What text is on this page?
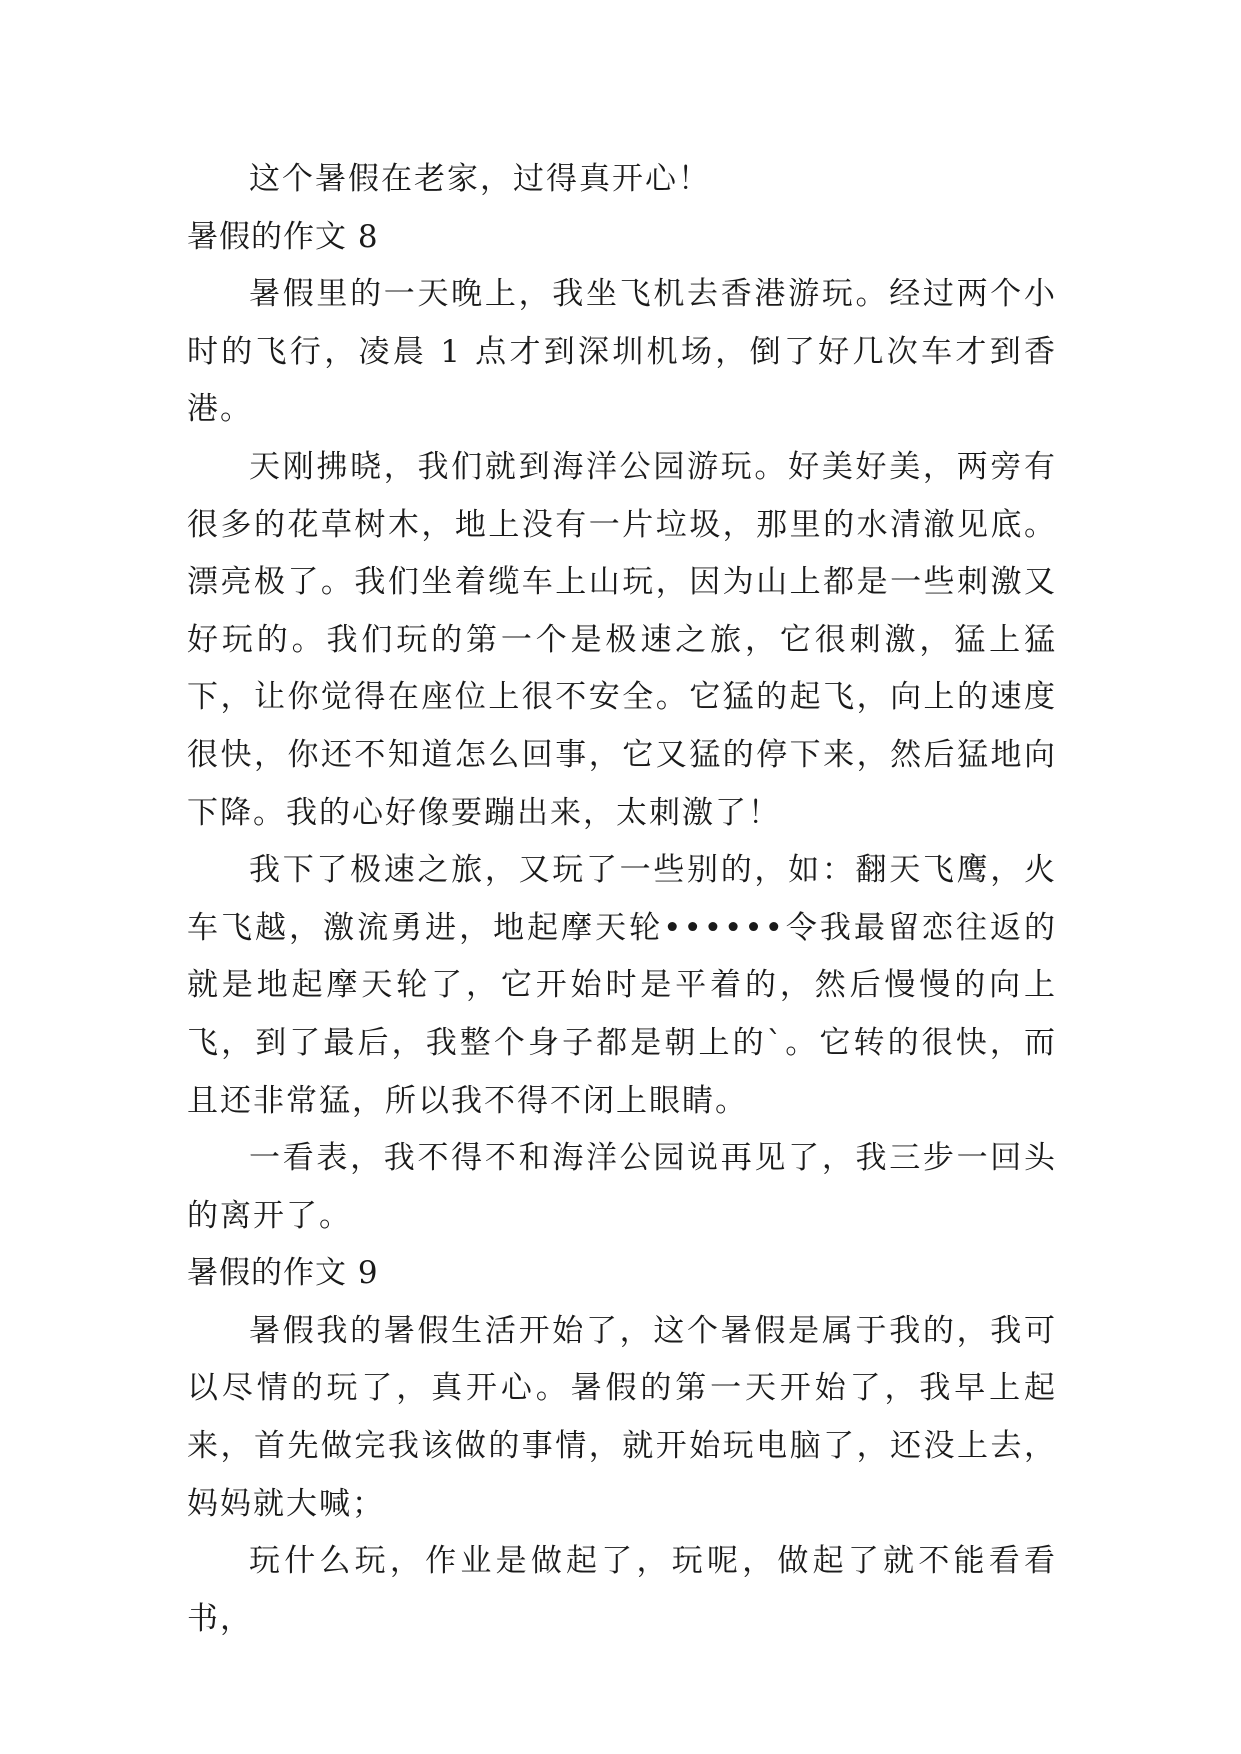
这个暑假在老家，过得真开心！

暑假的作文 8

暑假里的一天晚上，我坐飞机去香港游玩。经过两个小时的飞行，凌晨 1 点才到深圳机场，倒了好几次车才到香港。

天刚拂晓，我们就到海洋公园游玩。好美好美，两旁有很多的花草树木，地上没有一片垃圾，那里的水清澈见底。漂亮极了。我们坐着缆车上山玩，因为山上都是一些刺激又好玩的。我们玩的第一个是极速之旅，它很刺激，猛上猛下，让你觉得在座位上很不安全。它猛的起飞，向上的速度很快，你还不知道怎么回事，它又猛的停下来，然后猛地向下降。我的心好像要蹦出来，太刺激了！

我下了极速之旅，又玩了一些别的，如：翻天飞鹰，火车飞越，激流勇进，地起摩天轮••••••令我最留恋往返的就是地起摩天轮了，它开始时是平着的，然后慢慢的向上飞，到了最后，我整个身子都是朝上的`。它转的很快，而且还非常猛，所以我不得不闭上眼睛。

一看表，我不得不和海洋公园说再见了，我三步一回头的离开了。

暑假的作文 9

暑假我的暑假生活开始了，这个暑假是属于我的，我可以尽情的玩了，真开心。暑假的第一天开始了，我早上起来，首先做完我该做的事情，就开始玩电脑了，还没上去，妈妈就大喊；

玩什么玩，作业是做起了，玩呢，做起了就不能看看书，
